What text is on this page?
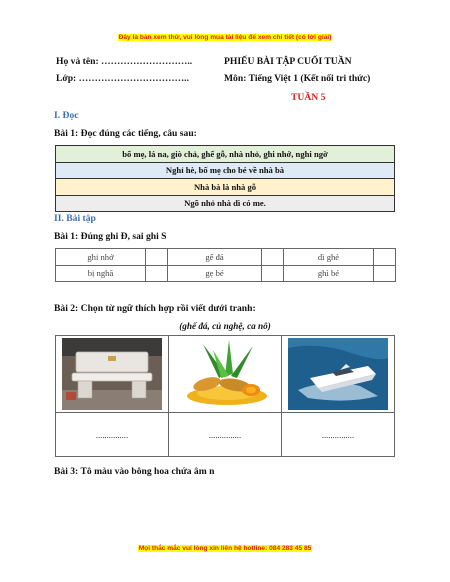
Đây là bản xem thử, vui lòng mua tài liệu để xem chi tiết (có lời giải)
Họ và tên: ………………………..	PHIẾU BÀI TẬP CUỐI TUẦN
Lớp: ……………………………..	Môn: Tiếng Việt 1 (Kết nối tri thức)
TUẦN 5
I. Đọc
Bài 1: Đọc đúng các tiếng, câu sau:
bố mẹ, lá na, giò chả, ghế gỗ, nhà nhỏ, ghi nhớ, nghi ngờ
Nghỉ hè, bố mẹ cho bé về nhà bà
Nhà bà là nhà gỗ
Ngõ nhỏ nhà dì có me.
II. Bài tập
Bài 1: Đúng ghi Đ, sai ghi S
ghi nhớ		gế đá		dì ghẻ	
bị nghã		gẹ bé		ghì bé	
Bài 2: Chọn từ ngữ thích hợp rồi viết dưới tranh:
(ghế đá, củ nghệ, ca nô)

...............	...............	...............
Bài 3: Tô màu vào bông hoa chứa âm n
Mọi thắc mắc vui lòng xin liên hệ hotline: 084 283 45 85
